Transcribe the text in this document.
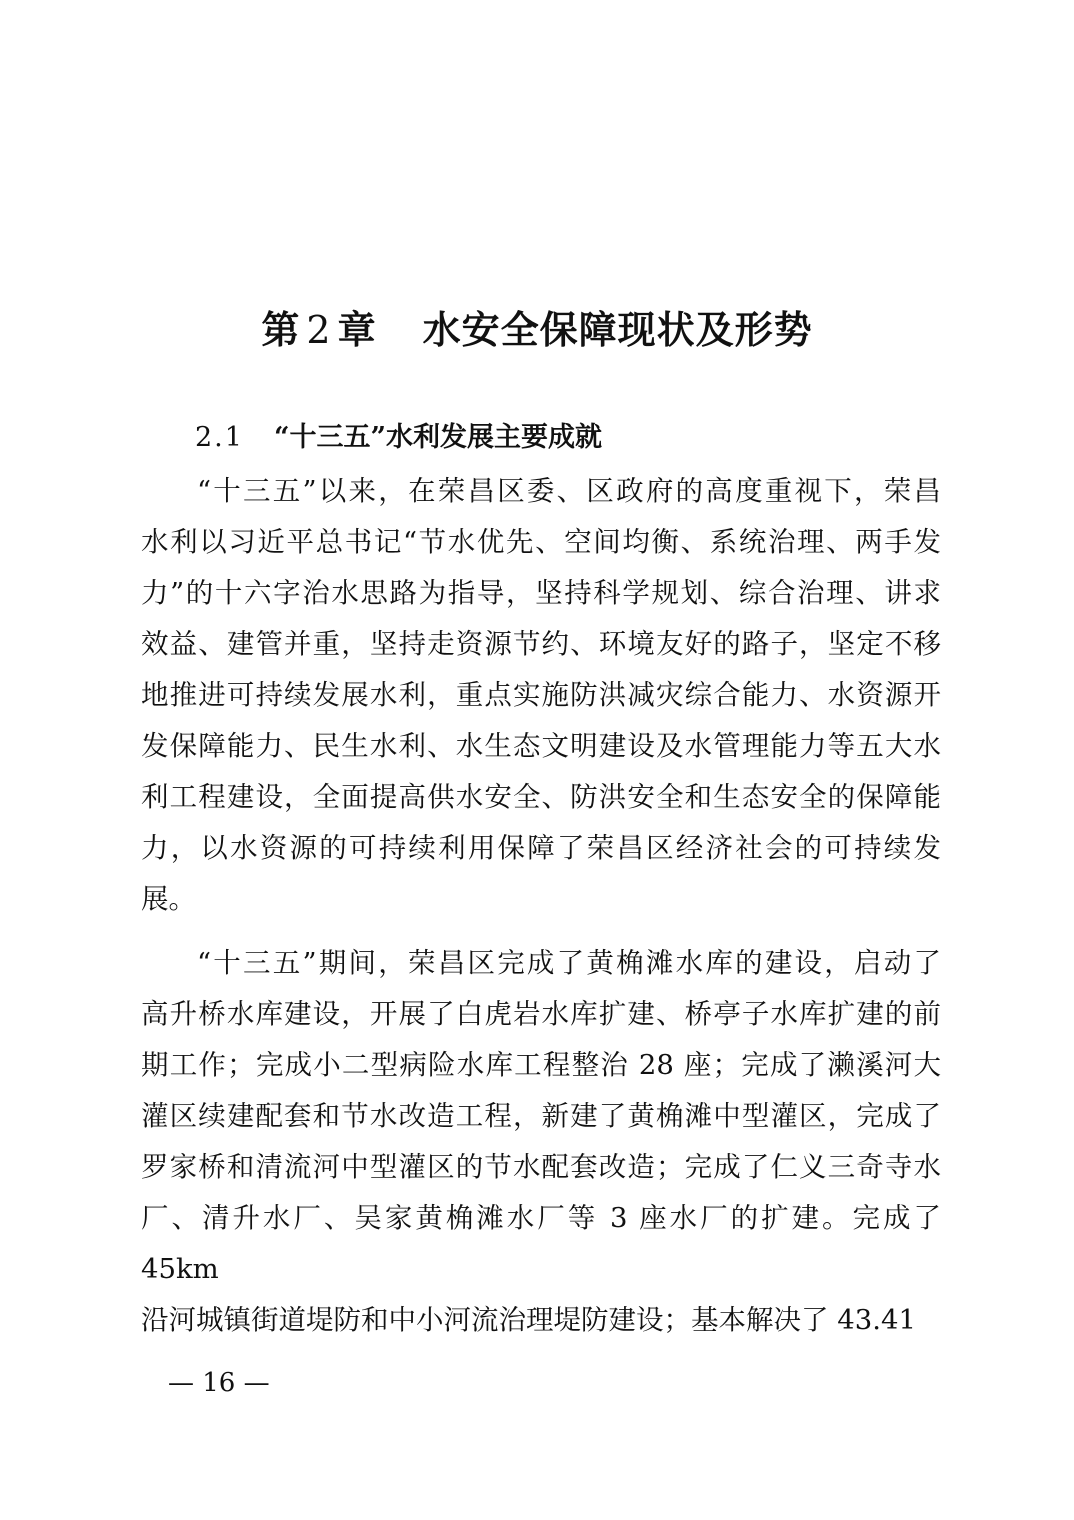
第 2 章 水安全保障现状及形势
2.1 “十三五”水利发展主要成就
“十三五”以来，在荣昌区委、区政府的高度重视下，荣昌
水利以习近平总书记“节水优先、空间均衡、系统治理、两手发
力”的十六字治水思路为指导，坚持科学规划、综合治理、讲求
效益、建管并重，坚持走资源节约、环境友好的路子，坚定不移
地推进可持续发展水利，重点实施防洪减灾综合能力、水资源开
发保障能力、民生水利、水生态文明建设及水管理能力等五大水
利工程建设，全面提高供水安全、防洪安全和生态安全的保障能
力，以水资源的可持续利用保障了荣昌区经济社会的可持续发
展。
“十三五”期间，荣昌区完成了黄桷滩水库的建设，启动了
高升桥水库建设，开展了白虎岩水库扩建、桥亭子水库扩建的前
期工作；完成小二型病险水库工程整治 28 座；完成了濑溪河大
灌区续建配套和节水改造工程，新建了黄桷滩中型灌区，完成了
罗家桥和清流河中型灌区的节水配套改造；完成了仁义三奇寺水
厂、清升水厂、吴家黄桷滩水厂等 3 座水厂的扩建。完成了 45km
沿河城镇街道堤防和中小河流治理堤防建设；基本解决了 43.41
— 16 —
